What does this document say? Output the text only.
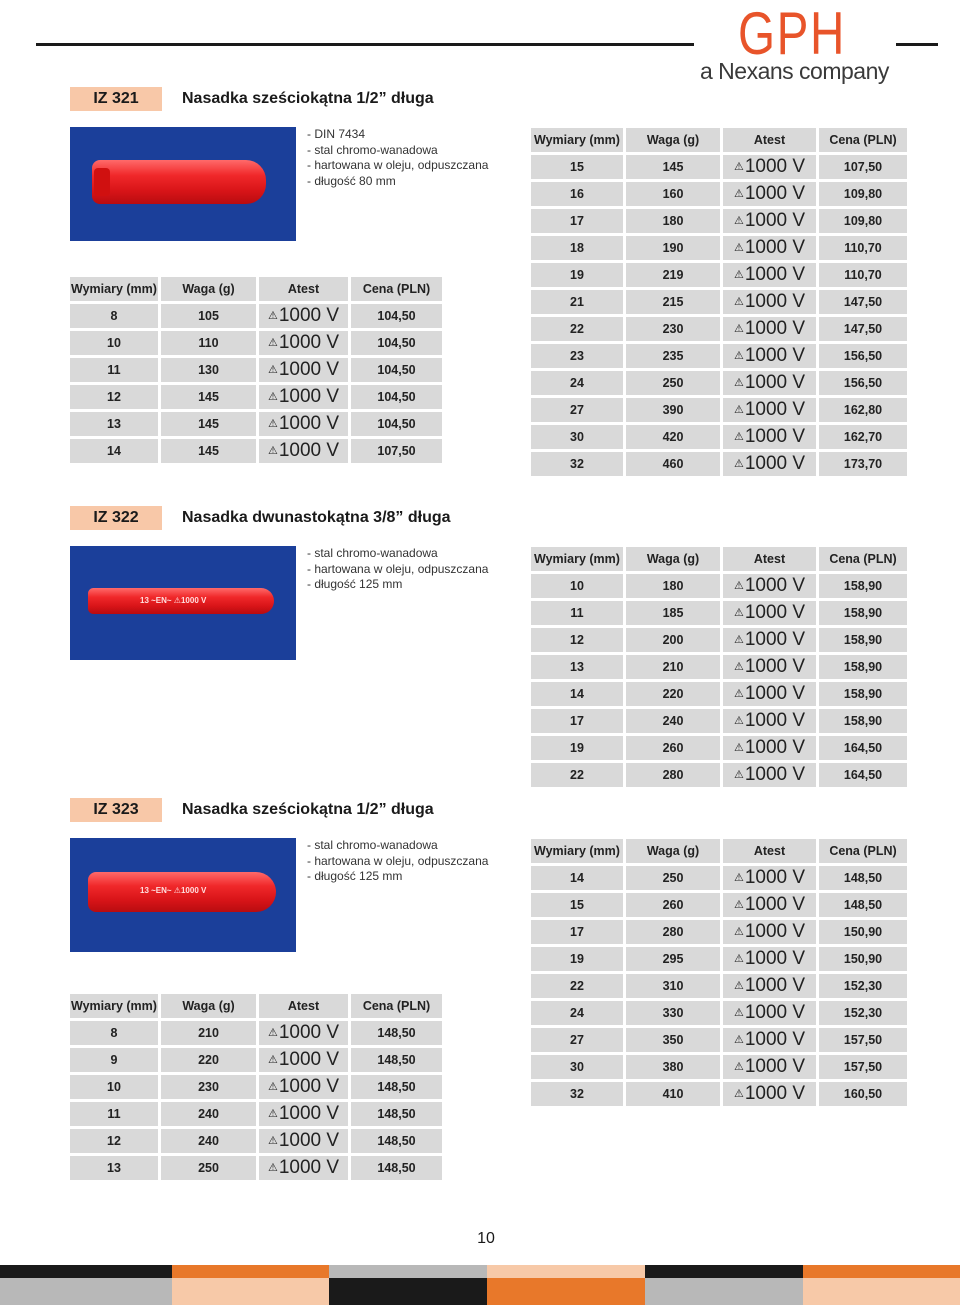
GPH
a Nexans company
IZ 321	Nasadka sześciokątna 1/2” długa
- DIN 7434
- stal chromo-wanadowa
- hartowana w oleju, odpuszczana
- długość 80 mm
Wymiary (mm)	Waga (g)	Atest	Cena (PLN)
8	105	⚠1000 V	104,50
10	110	⚠1000 V	104,50
11	130	⚠1000 V	104,50
12	145	⚠1000 V	104,50
13	145	⚠1000 V	104,50
14	145	⚠1000 V	107,50
Wymiary (mm)	Waga (g)	Atest	Cena (PLN)
15	145	⚠1000 V	107,50
16	160	⚠1000 V	109,80
17	180	⚠1000 V	109,80
18	190	⚠1000 V	110,70
19	219	⚠1000 V	110,70
21	215	⚠1000 V	147,50
22	230	⚠1000 V	147,50
23	235	⚠1000 V	156,50
24	250	⚠1000 V	156,50
27	390	⚠1000 V	162,80
30	420	⚠1000 V	162,70
32	460	⚠1000 V	173,70
IZ 322	Nasadka dwunastokątna 3/8” długa
- stal chromo-wanadowa
- hartowana w oleju, odpuszczana
- długość 125 mm
13 ~EN~ ⚠1000 V
Wymiary (mm)	Waga (g)	Atest	Cena (PLN)
10	180	⚠1000 V	158,90
11	185	⚠1000 V	158,90
12	200	⚠1000 V	158,90
13	210	⚠1000 V	158,90
14	220	⚠1000 V	158,90
17	240	⚠1000 V	158,90
19	260	⚠1000 V	164,50
22	280	⚠1000 V	164,50
IZ 323	Nasadka sześciokątna 1/2” długa
- stal chromo-wanadowa
- hartowana w oleju, odpuszczana
- długość 125 mm
13 ~EN~ ⚠1000 V
Wymiary (mm)	Waga (g)	Atest	Cena (PLN)
8	210	⚠1000 V	148,50
9	220	⚠1000 V	148,50
10	230	⚠1000 V	148,50
11	240	⚠1000 V	148,50
12	240	⚠1000 V	148,50
13	250	⚠1000 V	148,50
Wymiary (mm)	Waga (g)	Atest	Cena (PLN)
14	250	⚠1000 V	148,50
15	260	⚠1000 V	148,50
17	280	⚠1000 V	150,90
19	295	⚠1000 V	150,90
22	310	⚠1000 V	152,30
24	330	⚠1000 V	152,30
27	350	⚠1000 V	157,50
30	380	⚠1000 V	157,50
32	410	⚠1000 V	160,50
10
